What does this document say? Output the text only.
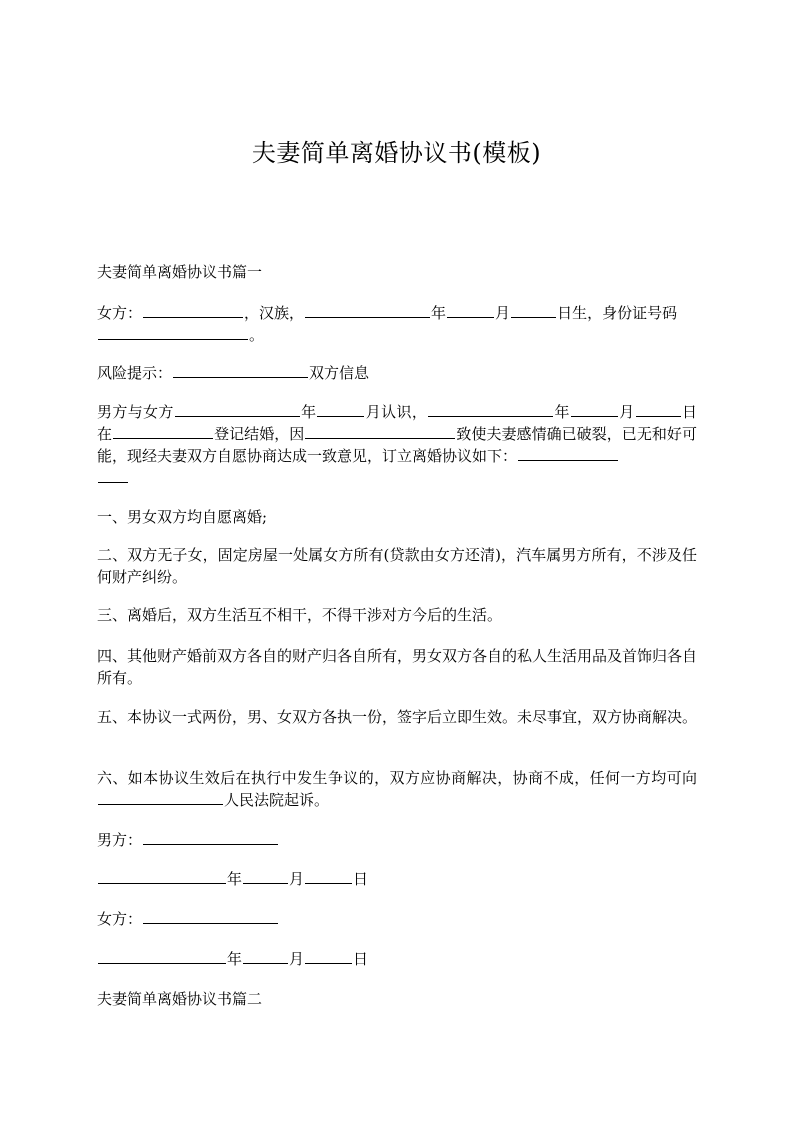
夫妻简单离婚协议书(模板)
夫妻简单离婚协议书篇一
女方：	，汉族，	年	月	日生，身份证号码
。
风险提示：	双方信息
男方与女方	年	月认识，	年	月	日在	登记结婚，因	致使夫妻感情确已破裂，已无和好可能，现经夫妻双方自愿协商达成一致意见，订立离婚协议如下：

一、男女双方均自愿离婚;
二、双方无子女，固定房屋一处属女方所有(贷款由女方还清)，汽车属男方所有，不涉及任何财产纠纷。
三、离婚后，双方生活互不相干，不得干涉对方今后的生活。
四、其他财产婚前双方各自的财产归各自所有，男女双方各自的私人生活用品及首饰归各自所有。
五、本协议一式两份，男、女双方各执一份，签字后立即生效。未尽事宜，双方协商解决。
六、如本协议生效后在执行中发生争议的，双方应协商解决，协商不成，任何一方均可向人民法院起诉。
男方：
年	月	日
女方：
年	月	日
夫妻简单离婚协议书篇二
